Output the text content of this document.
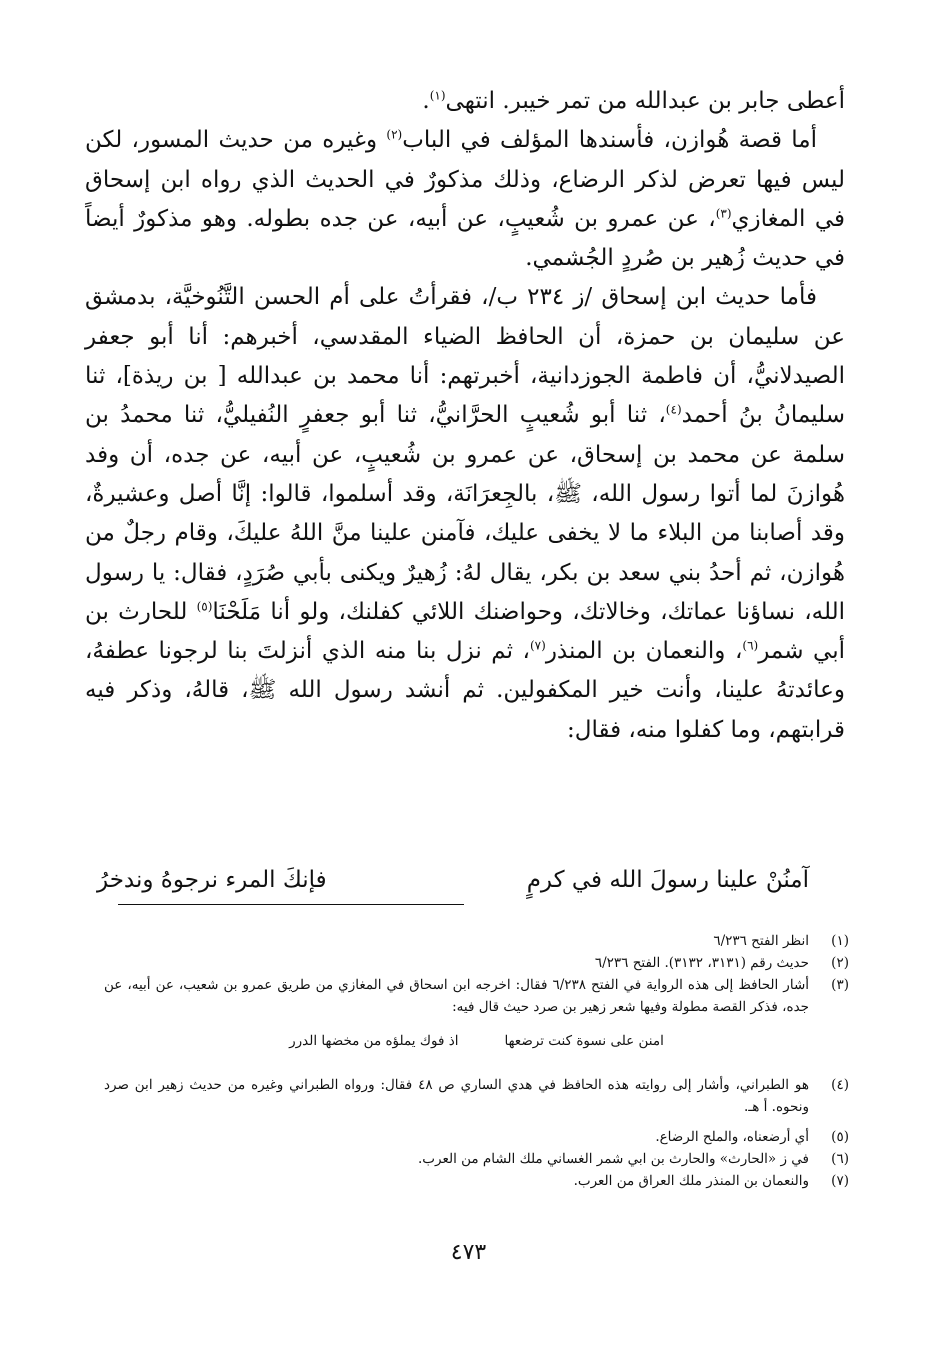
أعطى جابر بن عبدالله من تمر خيبر. انتهى$^{(١)}$.

أما قصة هُوازن، فأسندها المؤلف في الباب$^{(٢)}$ وغيره من حديث المسور، لكن ليس فيها تعرض لذكر الرضاع، وذلك مذكورٌ في الحديث الذي رواه ابن إسحاق في المغازي$^{(٣)}$، عن عمرو بن شُعيبٍ، عن أبيه، عن جده بطوله. وهو مذكورٌ أيضاً في حديث زُهير بن صُردٍ الجُشمي.

فأما حديث ابن إسحاق /ز ٢٣٤ ب/، فقرأتُ على أم الحسن التَّنُوخيَّة، بدمشق عن سليمان بن حمزة، أن الحافظ الضياء المقدسي، أخبرهم: أنا أبو جعفر الصيدلانيُّ، أن فاطمة الجوزدانية، أخبرتهم: أنا محمد بن عبدالله [ بن ريذة]، ثنا سليمانُ بنُ أحمد$^{(٤)}$، ثنا أبو شُعيبٍ الحرَّانيُّ، ثنا أبو جعفرٍ النُفيليُّ، ثنا محمدُ بن سلمة عن محمد بن إسحاق، عن عمرو بن شُعيبٍ، عن أبيه، عن جده، أن وفد هُوازنَ لما أتوا رسول الله، ﷺ، بالجِعرَانَة، وقد أسلموا، قالوا: إنَّا أصل وعشيرةٌ، وقد أصابنا من البلاء ما لا يخفى عليك، فآمنن علينا منَّ اللهُ عليكَ، وقام رجلٌ من هُوازن، ثم أحدُ بني سعد بن بكر، يقال لهُ: زُهيرٌ ويكنى بأبي صُرَدٍ، فقال: يا رسول الله، نساؤنا عماتك، وخالاتك، وحواضنك اللائي كفلنك، ولو أنا مَلَحْنَا$^{(٥)}$ للحارث بن أبي شمر$^{(٦)}$، والنعمان بن المنذر$^{(٧)}$، ثم نزل بنا منه الذي أنزلتَ بنا لرجونا عطفهُ، وعائدتهُ علينا، وأنت خير المكفولين. ثم أنشد رسول الله ﷺ، قالهُ، وذكر فيه قرابتهم، وما كفلوا منه، فقال:

آمنُنْ علينا رسولَ الله في كرمٍ
فإنكَ المرء نرجوهُ وندخرُ
(١)
انظر الفتح ٦/٢٣٦
(٢)
حديث رقم (٣١٣١، ٣١٣٢). الفتح ٦/٢٣٦
(٣)
أشار الحافظ إلى هذه الرواية في الفتح ٦/٢٣٨ فقال: اخرجه ابن اسحاق في المغازي من طريق عمرو بن شعيب، عن أبيه، عن جده، فذكر القصة مطولة وفيها شعر زهير بن صرد حيث قال فيه:
امنن على نسوة كنت ترضعها
اذ فوك يملؤه من مخضها الدرر
(٤)
هو الطبراني، وأشار إلى روايته هذه الحافظ في هدي الساري ص ٤٨ فقال: ورواه الطبراني وغيره من حديث زهير ابن صرد ونحوه. أ هـ.
(٥)
أي أرضعناه، والملح الرضاع.
(٦)
في ز «الحارث» والحارث بن ابي شمر الغساني ملك الشام من العرب.
(٧)
والنعمان بن المنذر ملك العراق من العرب.
٤٧٣
